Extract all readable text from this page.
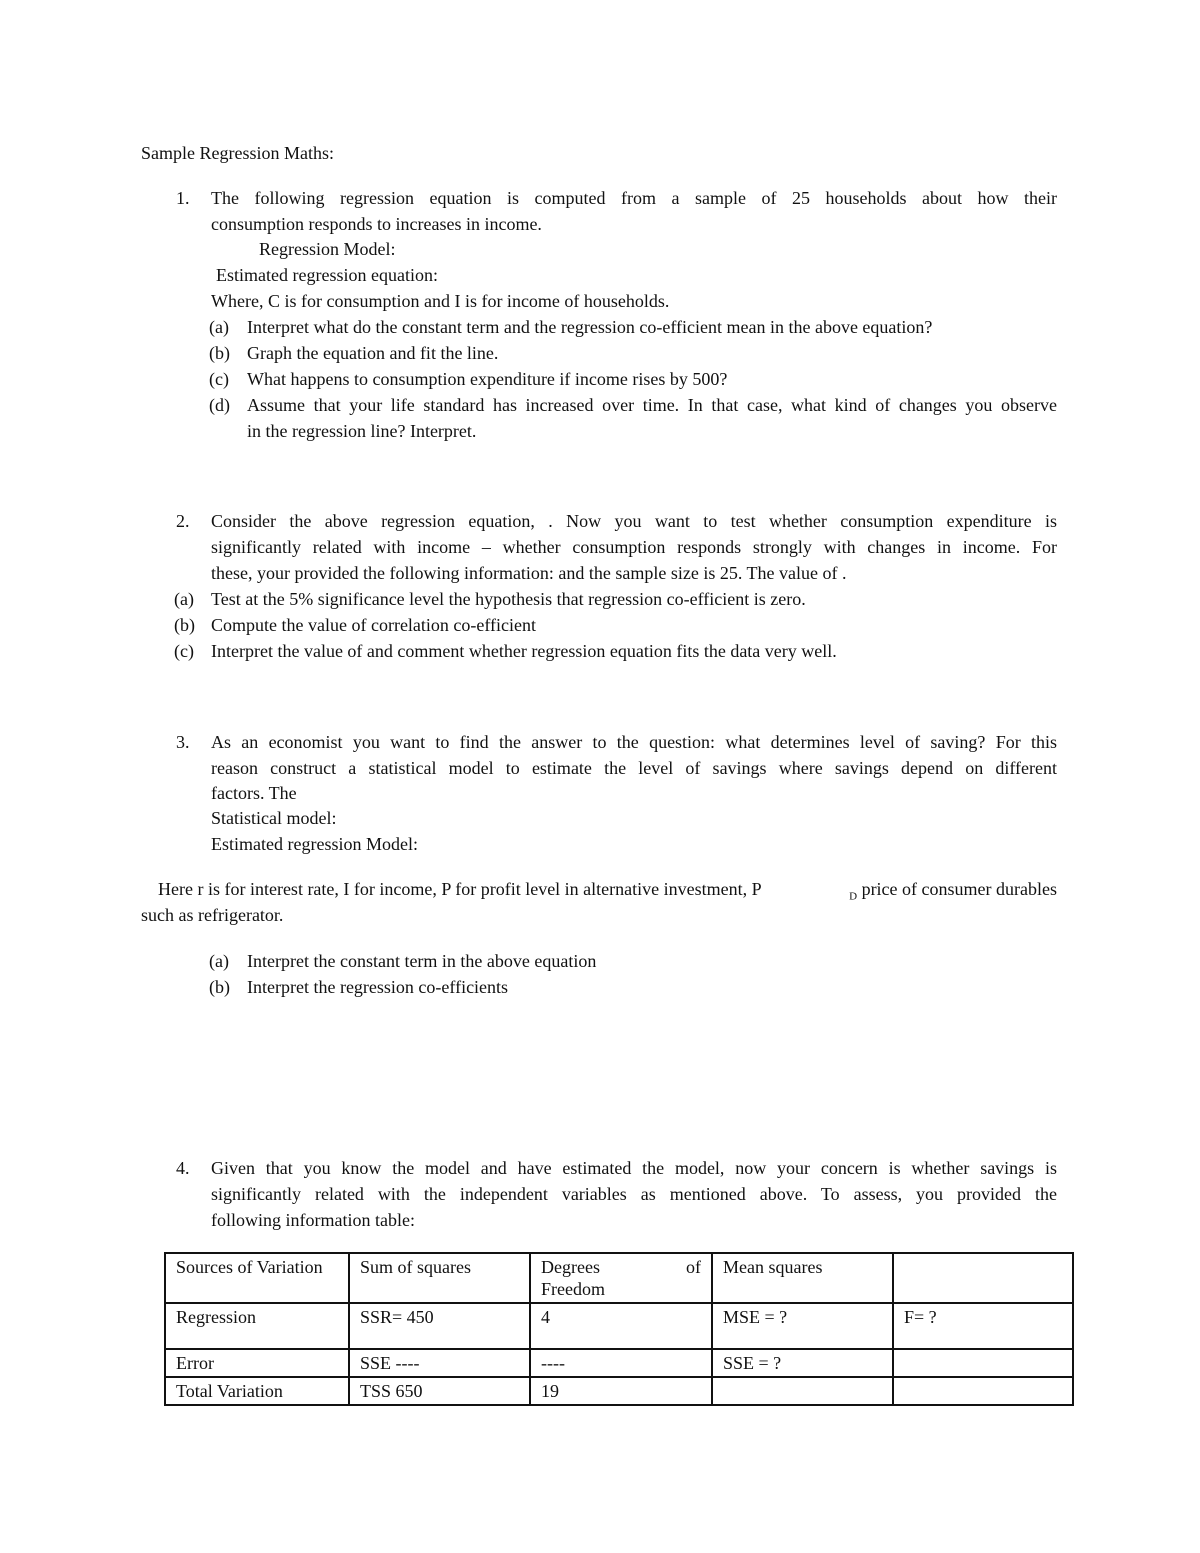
Sample Regression Maths:
1. The following regression equation is computed from a sample of 25 households about how their
consumption responds to increases in income.
Regression Model:
Estimated regression equation:
Where, C is for consumption and I is for income of households.
(a) Interpret what do the constant term and the regression co-efficient mean in the above equation?
(b) Graph the equation and fit the line.
(c) What happens to consumption expenditure if income rises by 500?
(d) Assume that your life standard has increased over time. In that case, what kind of changes you observe
in the regression line? Interpret.
2. Consider the above regression equation, . Now you want to test whether consumption expenditure is
significantly related with income – whether consumption responds strongly with changes in income. For
these, your provided the following information: and the sample size is 25. The value of .
(a) Test at the 5% significance level the hypothesis that regression co-efficient is zero.
(b) Compute the value of correlation co-efficient
(c) Interpret the value of and comment whether regression equation fits the data very well.
3. As an economist you want to find the answer to the question: what determines level of saving? For this
reason construct a statistical model to estimate the level of savings where savings depend on different
factors. The
Statistical model:
Estimated regression Model:
Here r is for interest rate, I for income, P for profit level in alternative investment, P	$_D$ price of consumer durables
such as refrigerator.
(a) Interpret the constant term in the above equation
(b) Interpret the regression co-efficients
4. Given that you know the model and have estimated the model, now your concern is whether savings is
significantly related with the independent variables as mentioned above. To assess, you provided the
following information table:
Sources of Variation	Sum of squares	Degrees of
Freedom	Mean squares	
Regression	SSR= 450	4	MSE = ?	F= ?
Error	SSE ----	----	SSE = ?	
Total Variation	TSS 650	19		
